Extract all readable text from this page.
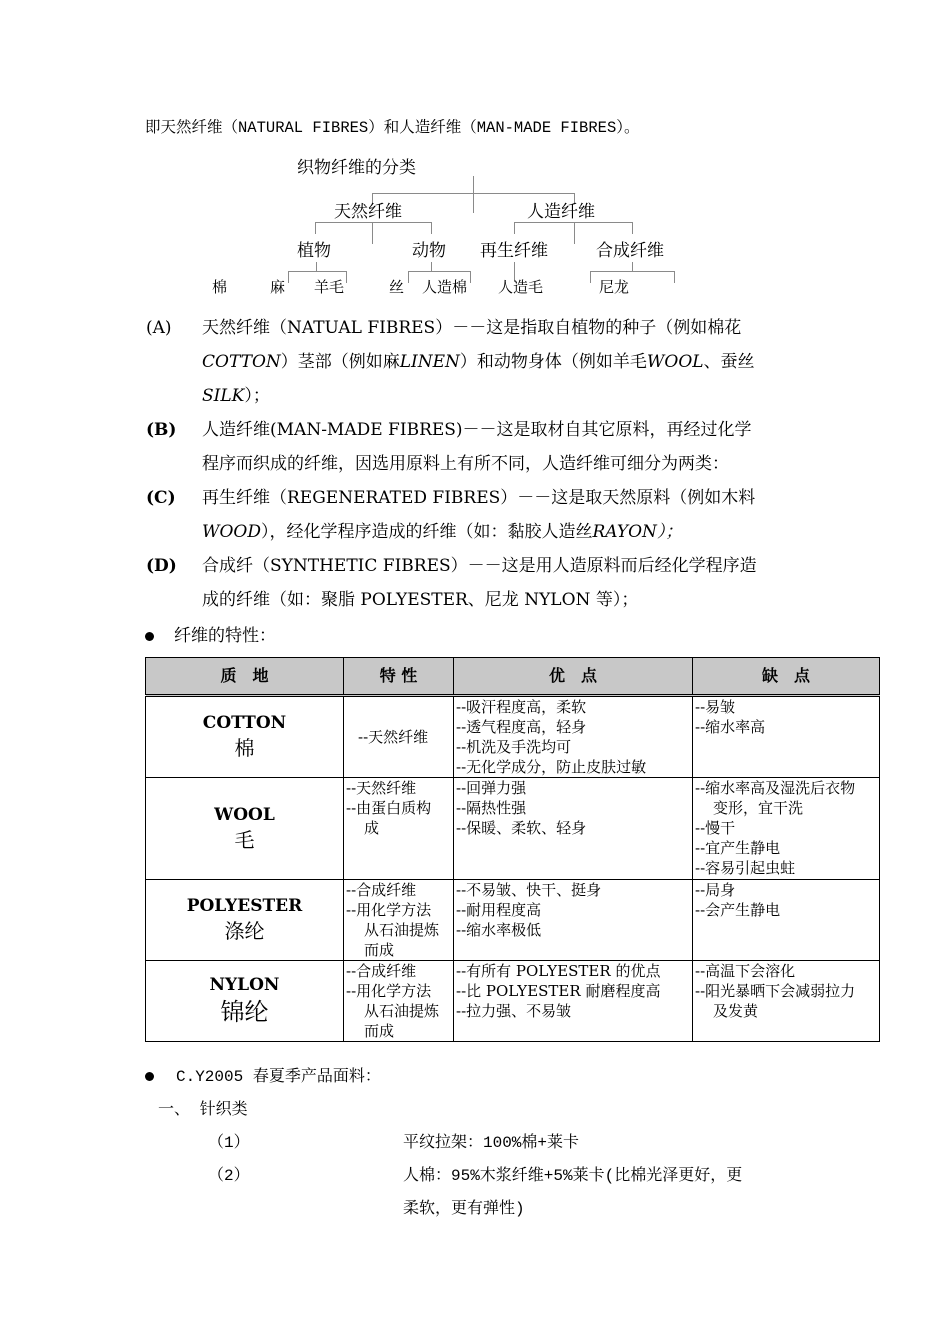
即天然纤维（NATURAL FIBRES）和人造纤维（MAN-MADE FIBRES）。
织物纤维的分类
天然纤维	人造纤维
植物	动物 再生纤维	合成纤维
棉	麻 羊毛	丝 人造棉 人造毛	尼龙
(A)	天然纤维（NATUAL FIBRES）－－这是指取自植物的种子（例如棉花
COTTON）茎部（例如麻LINEN）和动物身体（例如羊毛WOOL、蚕丝
SILK）；
(B)	人造纤维(MAN-MADE FIBRES)－－这是取材自其它原料，再经过化学
程序而织成的纤维，因选用原料上有所不同，人造纤维可细分为两类：
(C)	再生纤维（REGENERATED FIBRES）－－这是取天然原料（例如木料
WOOD），经化学程序造成的纤维（如：黏胶人造丝RAYON）；
(D)	合成纤（SYNTHETIC FIBRES）－－这是用人造原料而后经化学程序造
成的纤维（如：聚脂 POLYESTER、尼龙 NYLON 等）；
纤维的特性：
质　地	特 性	优　点	缺　点

COTTON
棉	--天然纤维	--吸汗程度高，柔软
--透气程度高，轻身
--机洗及手洗均可
--无化学成分，防止皮肤过敏	--易皱
--缩水率高

WOOL
毛	--天然纤维
--由蛋白质构
成	--回弹力强
--隔热性强
--保暖、柔软、轻身	--缩水率高及湿洗后衣物
变形，宜干洗
--慢干
--宜产生静电
--容易引起虫蛀

POLYESTER
涤纶	--合成纤维
--用化学方法
从石油提炼
而成	--不易皱、快干、挺身
--耐用程度高
--缩水率极低	--局身
--会产生静电

NYLON
锦纶	--合成纤维
--用化学方法
从石油提炼
而成	--有所有 POLYESTER 的优点
--比 POLYESTER 耐磨程度高
--拉力强、不易皱	--高温下会溶化
--阳光暴晒下会减弱拉力
及发黄
C.Y2005 春夏季产品面料：
一、 针织类
（1）	平纹拉架：100%棉+莱卡
（2）	人棉：95%木浆纤维+5%莱卡(比棉光泽更好，更
柔软，更有弹性)
